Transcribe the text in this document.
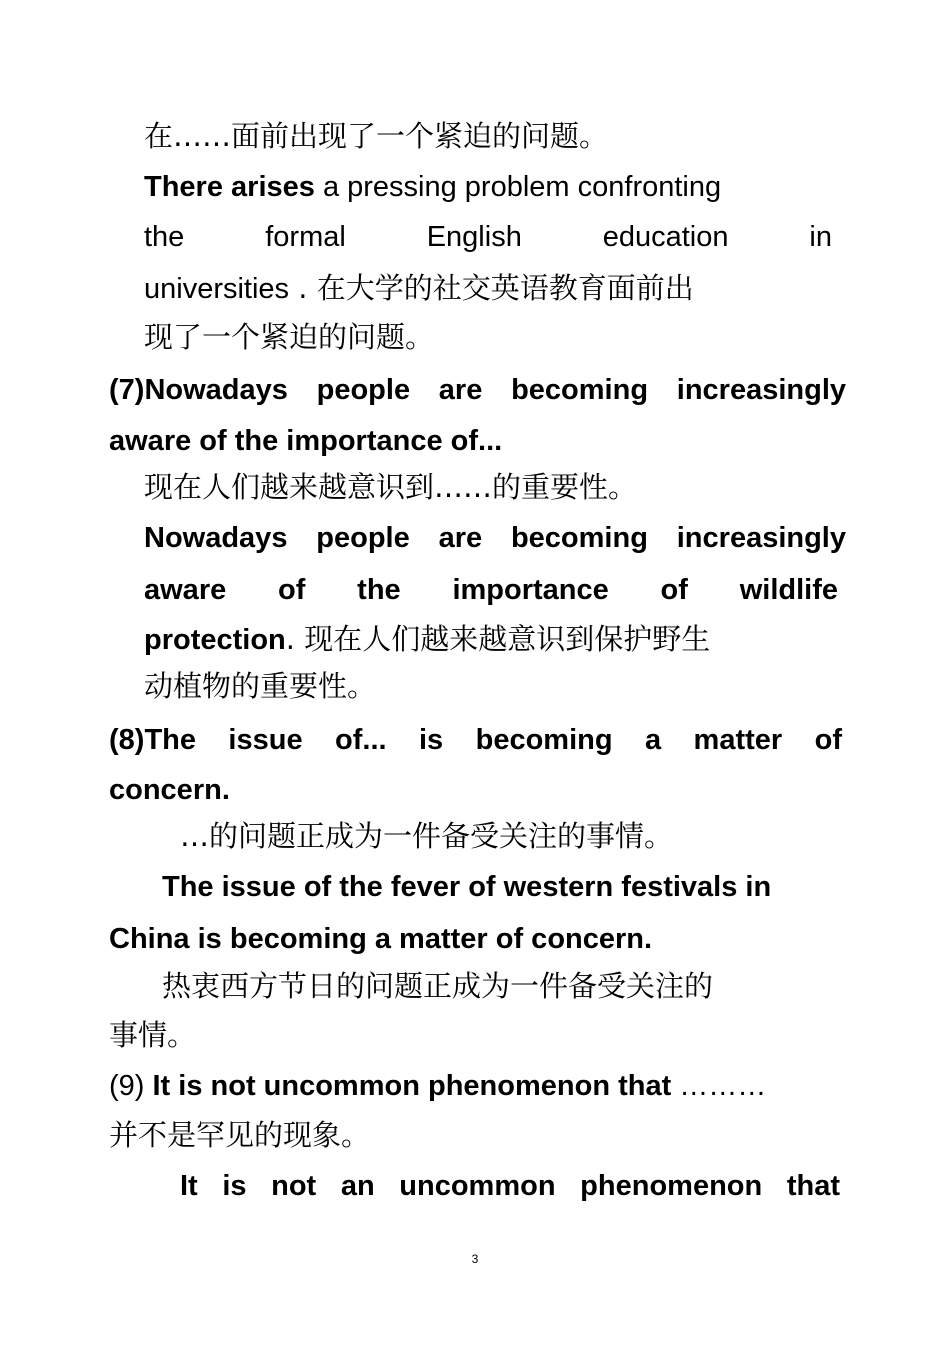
在……面前出现了一个紧迫的问题。
There arises a pressing problem confronting
the formal English education in
universities . 在大学的社交英语教育面前出
现了一个紧迫的问题。
(7)Nowadays people are becoming increasingly
aware of the importance of...
现在人们越来越意识到……的重要性。
Nowadays people are becoming increasingly
aware of the importance of wildlife
protection. 现在人们越来越意识到保护野生
动植物的重要性。
(8)The issue of... is becoming a matter of
concern.
…的问题正成为一件备受关注的事情。
The issue of the fever of western festivals in
China is becoming a matter of concern.
热衷西方节日的问题正成为一件备受关注的
事情。
(9) It is not uncommon phenomenon that ………
并不是罕见的现象。
It is not an uncommon phenomenon that
3
